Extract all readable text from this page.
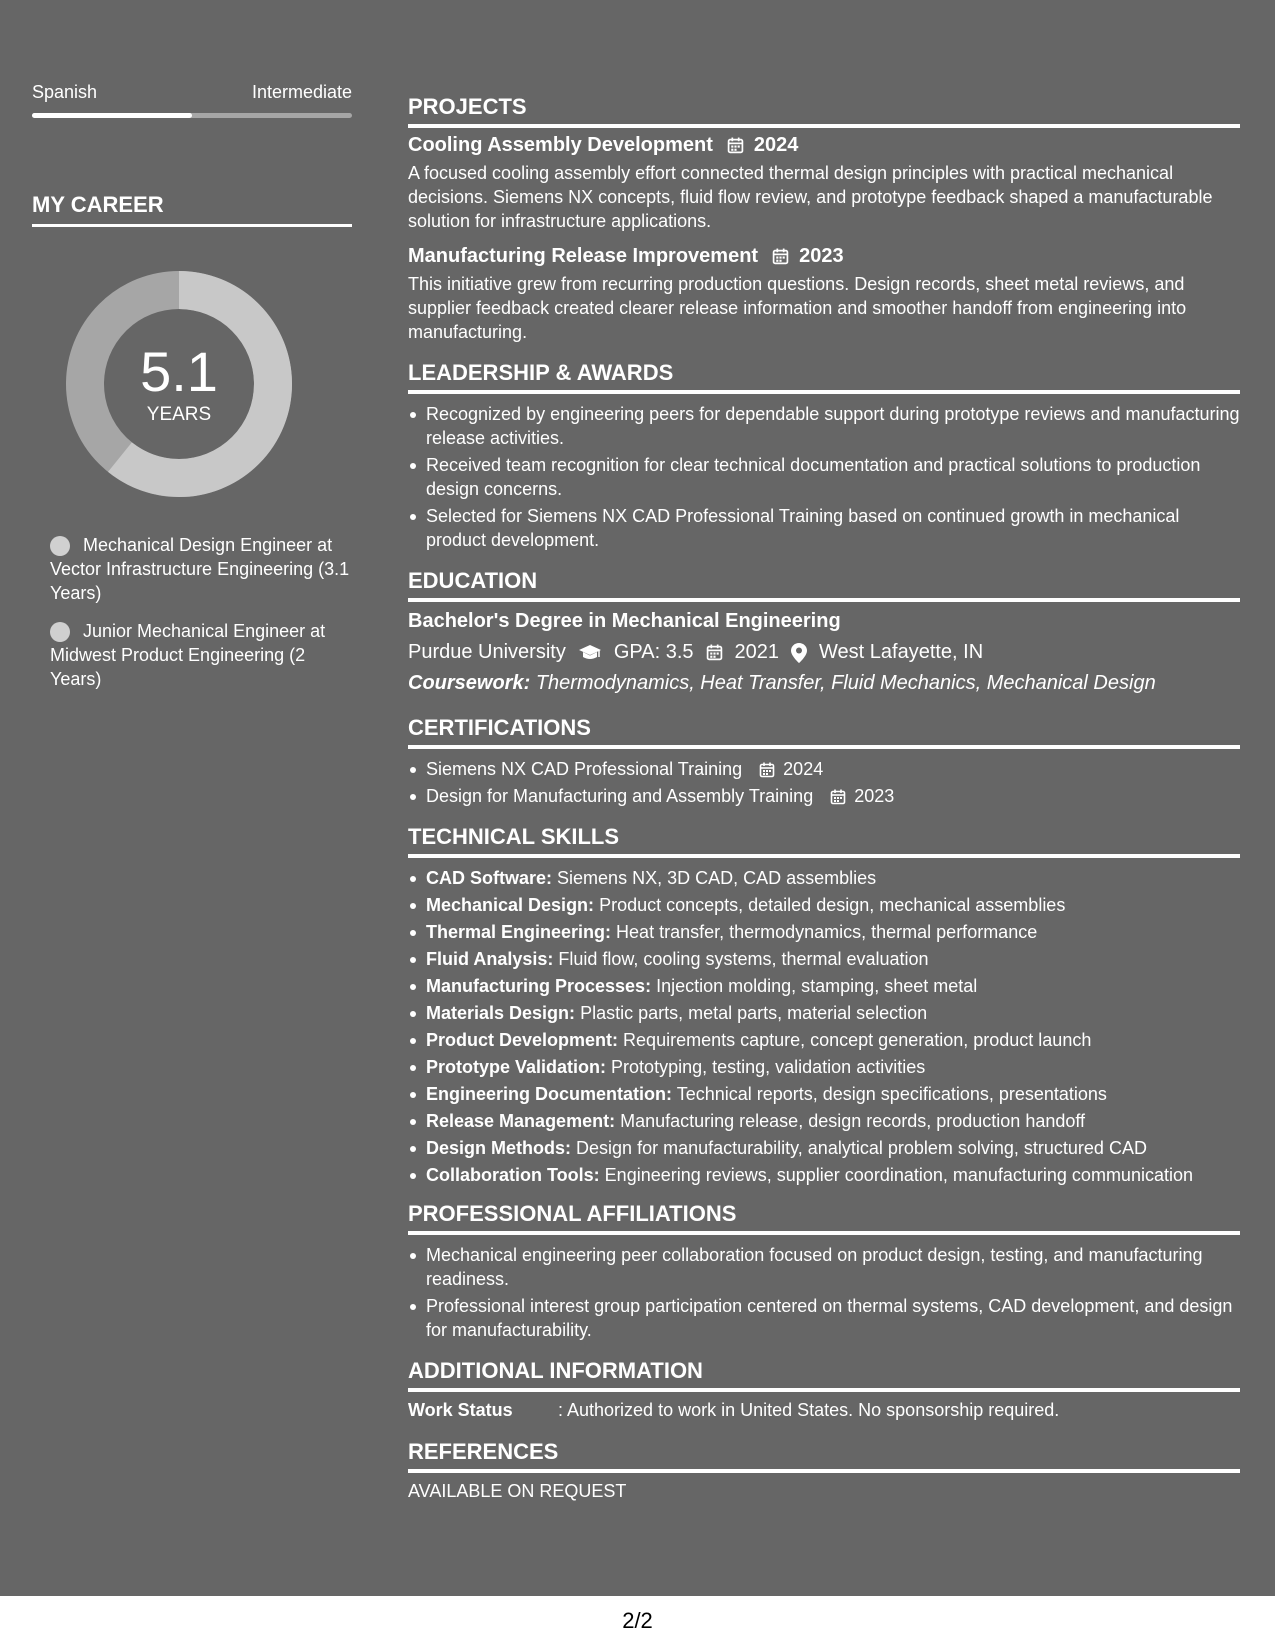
Spanish	Intermediate
MY CAREER
5.1
YEARS
Mechanical Design Engineer at Vector Infrastructure Engineering (3.1 Years)
Junior Mechanical Engineer at Midwest Product Engineering (2 Years)
PROJECTS
Cooling Assembly Development 2024
A focused cooling assembly effort connected thermal design principles with practical mechanical decisions. Siemens NX concepts, fluid flow review, and prototype feedback shaped a manufacturable solution for infrastructure applications.
Manufacturing Release Improvement 2023
This initiative grew from recurring production questions. Design records, sheet metal reviews, and supplier feedback created clearer release information and smoother handoff from engineering into manufacturing.
LEADERSHIP & AWARDS
Recognized by engineering peers for dependable support during prototype reviews and manufacturing release activities.
Received team recognition for clear technical documentation and practical solutions to production design concerns.
Selected for Siemens NX CAD Professional Training based on continued growth in mechanical product development.
EDUCATION
Bachelor's Degree in Mechanical Engineering
Purdue University GPA: 3.5 2021 West Lafayette, IN
Coursework: Thermodynamics, Heat Transfer, Fluid Mechanics, Mechanical Design
CERTIFICATIONS
Siemens NX CAD Professional Training 2024
Design for Manufacturing and Assembly Training 2023
TECHNICAL SKILLS
CAD Software: Siemens NX, 3D CAD, CAD assemblies
Mechanical Design: Product concepts, detailed design, mechanical assemblies
Thermal Engineering: Heat transfer, thermodynamics, thermal performance
Fluid Analysis: Fluid flow, cooling systems, thermal evaluation
Manufacturing Processes: Injection molding, stamping, sheet metal
Materials Design: Plastic parts, metal parts, material selection
Product Development: Requirements capture, concept generation, product launch
Prototype Validation: Prototyping, testing, validation activities
Engineering Documentation: Technical reports, design specifications, presentations
Release Management: Manufacturing release, design records, production handoff
Design Methods: Design for manufacturability, analytical problem solving, structured CAD
Collaboration Tools: Engineering reviews, supplier coordination, manufacturing communication
PROFESSIONAL AFFILIATIONS
Mechanical engineering peer collaboration focused on product design, testing, and manufacturing readiness.
Professional interest group participation centered on thermal systems, CAD development, and design for manufacturability.
ADDITIONAL INFORMATION
Work Status	: Authorized to work in United States. No sponsorship required.
REFERENCES
AVAILABLE ON REQUEST
2/2
